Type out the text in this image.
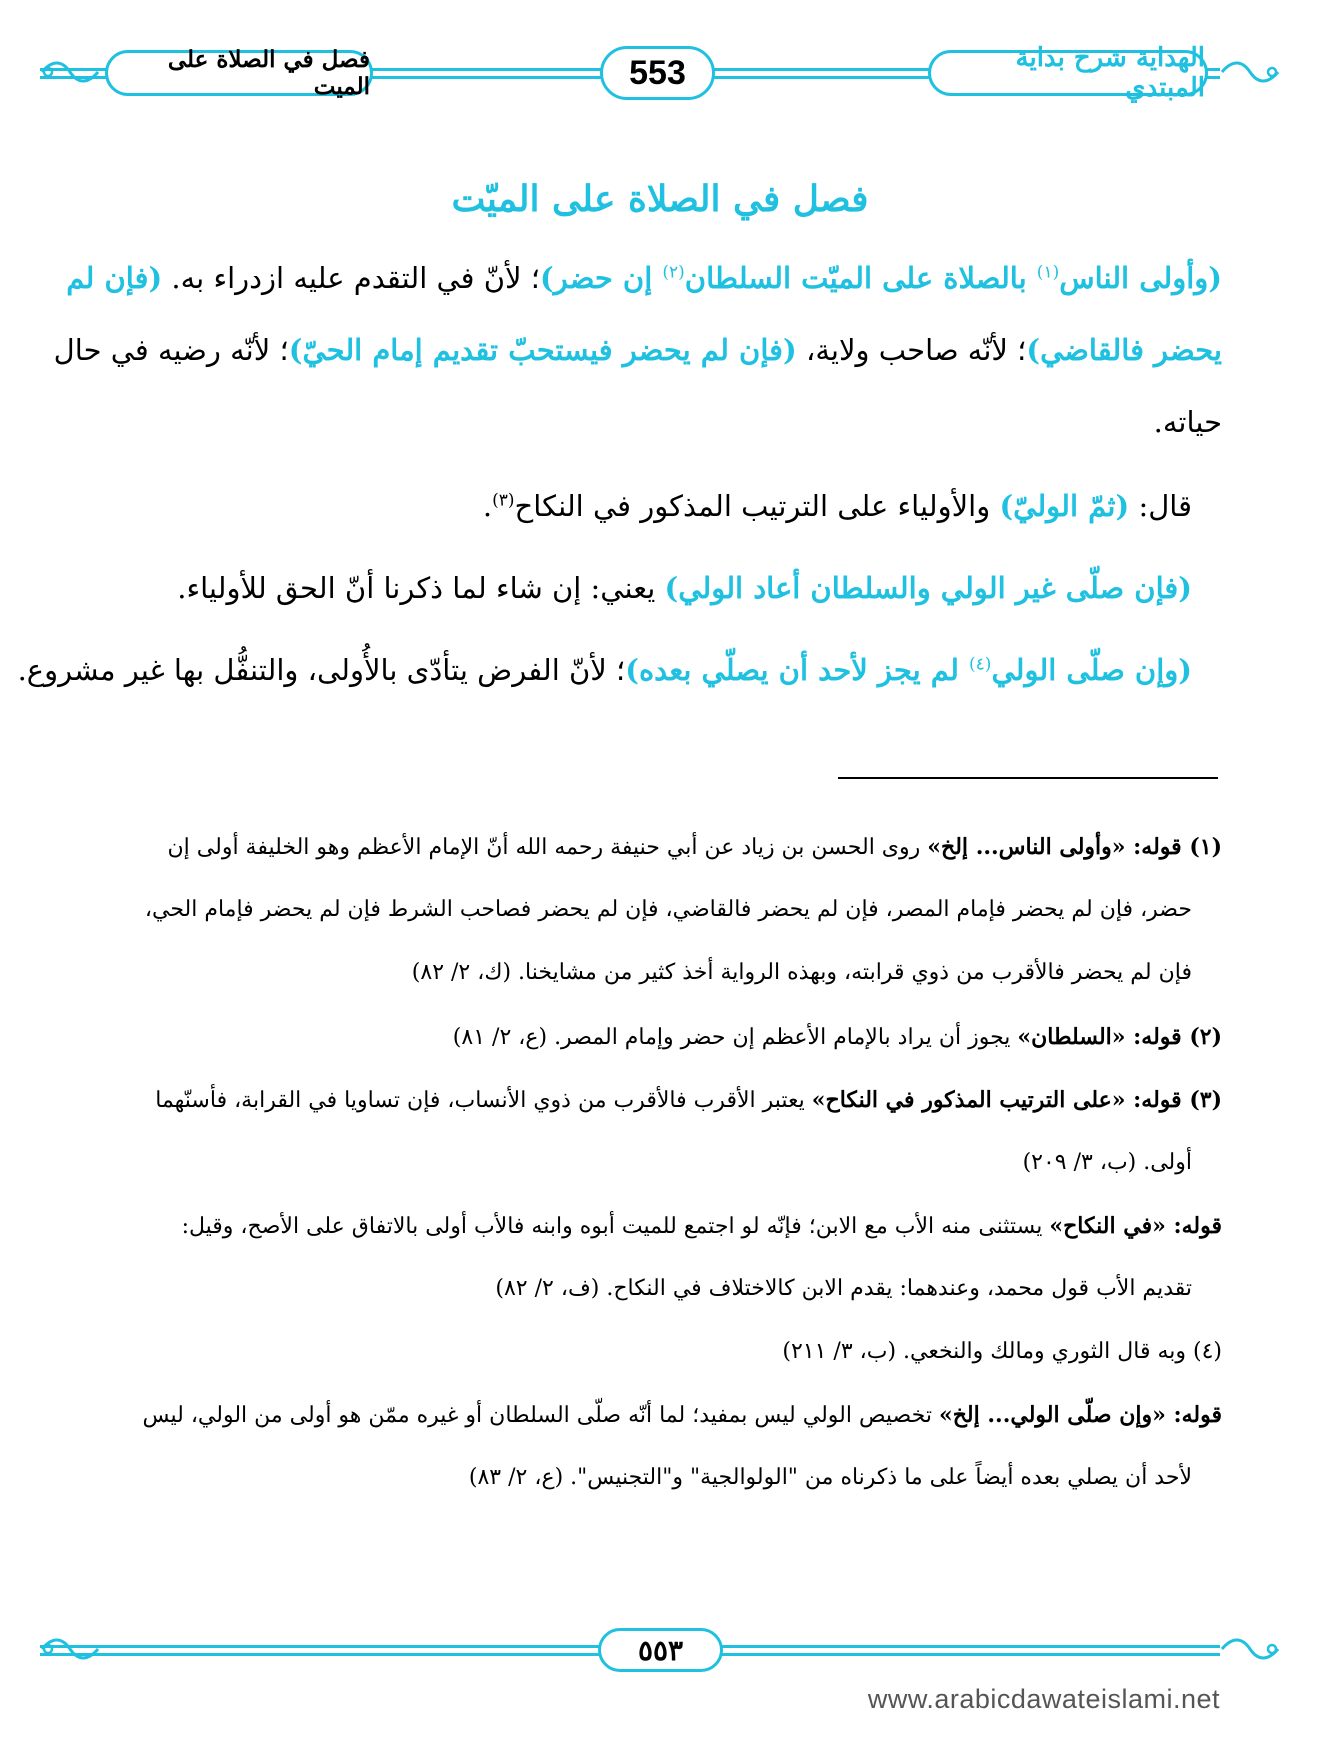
فصل في الصلاة على الميت	553	الهداية شرح بداية المبتدي
فصل في الصلاة على الميّت
(وأولى الناس$^{(١)}$ بالصلاة على الميّت السلطان$^{(٢)}$ إن حضر)؛ لأنّ في التقدم عليه ازدراء به. (فإن لم
يحضر فالقاضي)؛ لأنّه صاحب ولاية، (فإن لم يحضر فيستحبّ تقديم إمام الحيّ)؛ لأنّه رضيه في حال
حياته.
قال: (ثمّ الوليّ) والأولياء على الترتيب المذكور في النكاح$^{(٣)}$.
(فإن صلّى غير الولي والسلطان أعاد الولي) يعني: إن شاء لما ذكرنا أنّ الحق للأولياء.
(وإن صلّى الولي$^{(٤)}$ لم يجز لأحد أن يصلّي بعده)؛ لأنّ الفرض يتأدّى بالأُولى، والتنفُّل بها غير مشروع.
(١) قوله: «وأولى الناس... إلخ» روى الحسن بن زياد عن أبي حنيفة رحمه الله أنّ الإمام الأعظم وهو الخليفة أولى إن
حضر، فإن لم يحضر فإمام المصر، فإن لم يحضر فالقاضي، فإن لم يحضر فصاحب الشرط فإن لم يحضر فإمام الحي،
فإن لم يحضر فالأقرب من ذوي قرابته، وبهذه الرواية أخذ كثير من مشايخنا. (ك، ٢/ ٨٢)
(٢) قوله: «السلطان» يجوز أن يراد بالإمام الأعظم إن حضر وإمام المصر. (ع، ٢/ ٨١)
(٣) قوله: «على الترتيب المذكور في النكاح» يعتبر الأقرب فالأقرب من ذوي الأنساب، فإن تساويا في القرابة، فأسنّهما
أولى. (ب، ٣/ ٢٠٩)
قوله: «في النكاح» يستثنى منه الأب مع الابن؛ فإنّه لو اجتمع للميت أبوه وابنه فالأب أولى بالاتفاق على الأصح، وقيل:
تقديم الأب قول محمد، وعندهما: يقدم الابن كالاختلاف في النكاح. (ف، ٢/ ٨٢)
(٤) وبه قال الثوري ومالك والنخعي. (ب، ٣/ ٢١١)
قوله: «وإن صلّى الولي... إلخ» تخصيص الولي ليس بمفيد؛ لما أنّه صلّى السلطان أو غيره ممّن هو أولى من الولي، ليس
لأحد أن يصلي بعده أيضاً على ما ذكرناه من "الولوالجية" و"التجنيس". (ع، ٢/ ٨٣)
٥٥٣
www.arabicdawateislami.net
